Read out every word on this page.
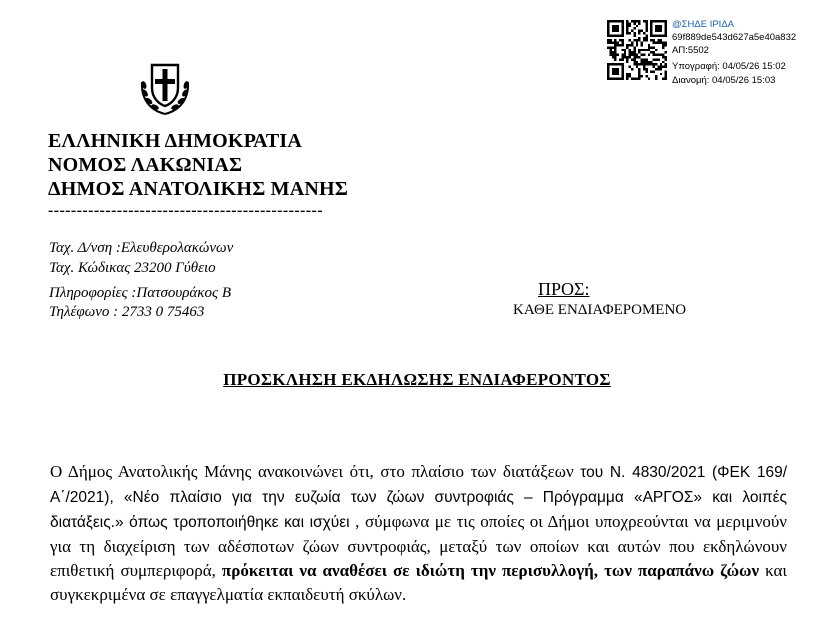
@ΣΗΔΕ ΙΡΙΔΑ
69f889de543d627a5e40a832
ΑΠ:5502
Υπογραφή: 04/05/26 15:02
Διανομή: 04/05/26 15:03
ΕΛΛΗΝΙΚΗ ΔΗΜΟΚΡΑΤΙΑ
ΝΟΜΟΣ ΛΑΚΩΝΙΑΣ
ΔΗΜΟΣ ΑΝΑΤΟΛΙΚΗΣ ΜΑΝΗΣ
------------------------------------------------
Ταχ. Δ/νση :Ελευθερολακώνων
Ταχ. Κώδικας 23200 Γύθειο
Πληροφορίες :Πατσουράκος Β
Τηλέφωνο : 2733 0 75463
ΠΡΟΣ:
ΚΑΘΕ ΕΝΔΙΑΦΕΡΟΜΕΝΟ
ΠΡΟΣΚΛΗΣΗ ΕΚΔΗΛΩΣΗΣ ΕΝΔΙΑΦΕΡΟΝΤΟΣ
Ο Δήμος Ανατολικής Μάνης ανακοινώνει ότι, στο πλαίσιο των διατάξεων του Ν. 4830/2021 (ΦΕΚ 169/Α΄/2021), «Νέο πλαίσιο για την ευζωία των ζώων συντροφιάς – Πρόγραμμα «ΑΡΓΟΣ» και λοιπές διατάξεις.» όπως τροποποιήθηκε και ισχύει , σύμφωνα με τις οποίες οι Δήμοι υποχρεούνται να μεριμνούν για τη διαχείριση των αδέσποτων ζώων συντροφιάς, μεταξύ των οποίων και αυτών που εκδηλώνουν επιθετική συμπεριφορά, πρόκειται να αναθέσει σε ιδιώτη την περισυλλογή, των παραπάνω ζώων και συγκεκριμένα σε επαγγελματία εκπαιδευτή σκύλων.
